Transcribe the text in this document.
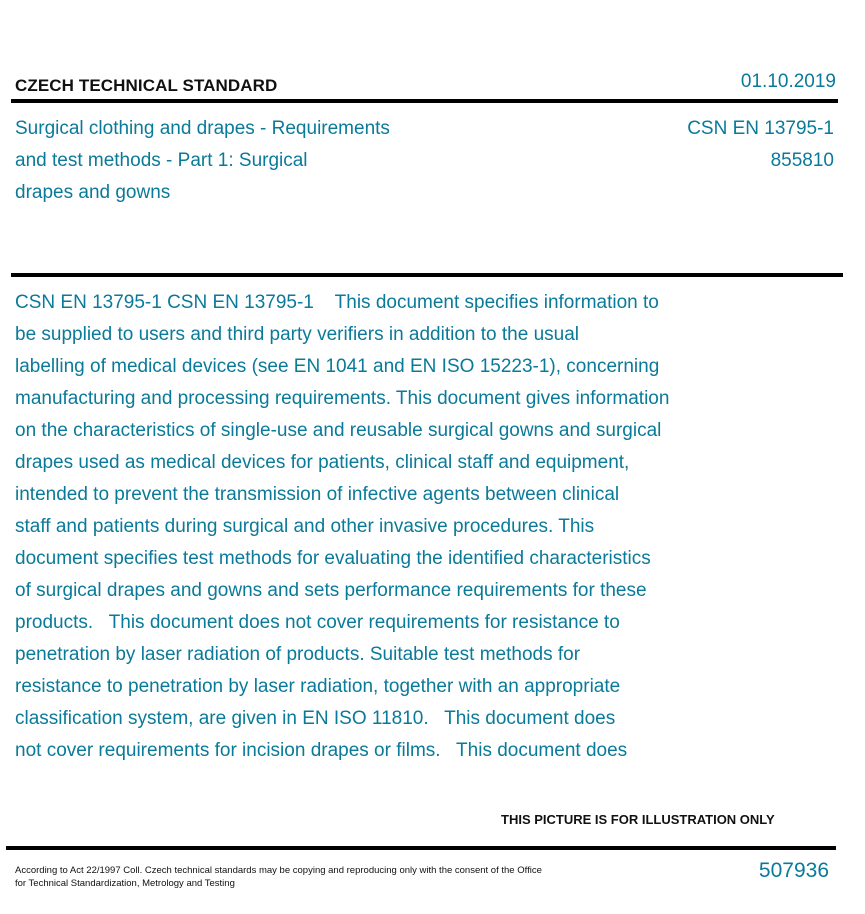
CZECH TECHNICAL STANDARD	01.10.2019
Surgical clothing and drapes - Requirements
and test methods - Part 1: Surgical
drapes and gowns
CSN EN 13795-1
855810
CSN EN 13795-1 CSN EN 13795-1    This document specifies information to
be supplied to users and third party verifiers in addition to the usual
labelling of medical devices (see EN 1041 and EN ISO 15223-1), concerning
manufacturing and processing requirements. This document gives information
on the characteristics of single-use and reusable surgical gowns and surgical
drapes used as medical devices for patients, clinical staff and equipment,
intended to prevent the transmission of infective agents between clinical
staff and patients during surgical and other invasive procedures. This
document specifies test methods for evaluating the identified characteristics
of surgical drapes and gowns and sets performance requirements for these
products.   This document does not cover requirements for resistance to
penetration by laser radiation of products. Suitable test methods for
resistance to penetration by laser radiation, together with an appropriate
classification system, are given in EN ISO 11810.   This document does
not cover requirements for incision drapes or films.   This document does
THIS PICTURE IS FOR ILLUSTRATION ONLY
According to Act 22/1997 Coll. Czech technical standards may be copying and reproducing only with the consent of the Office
for Technical Standardization, Metrology and Testing
507936
